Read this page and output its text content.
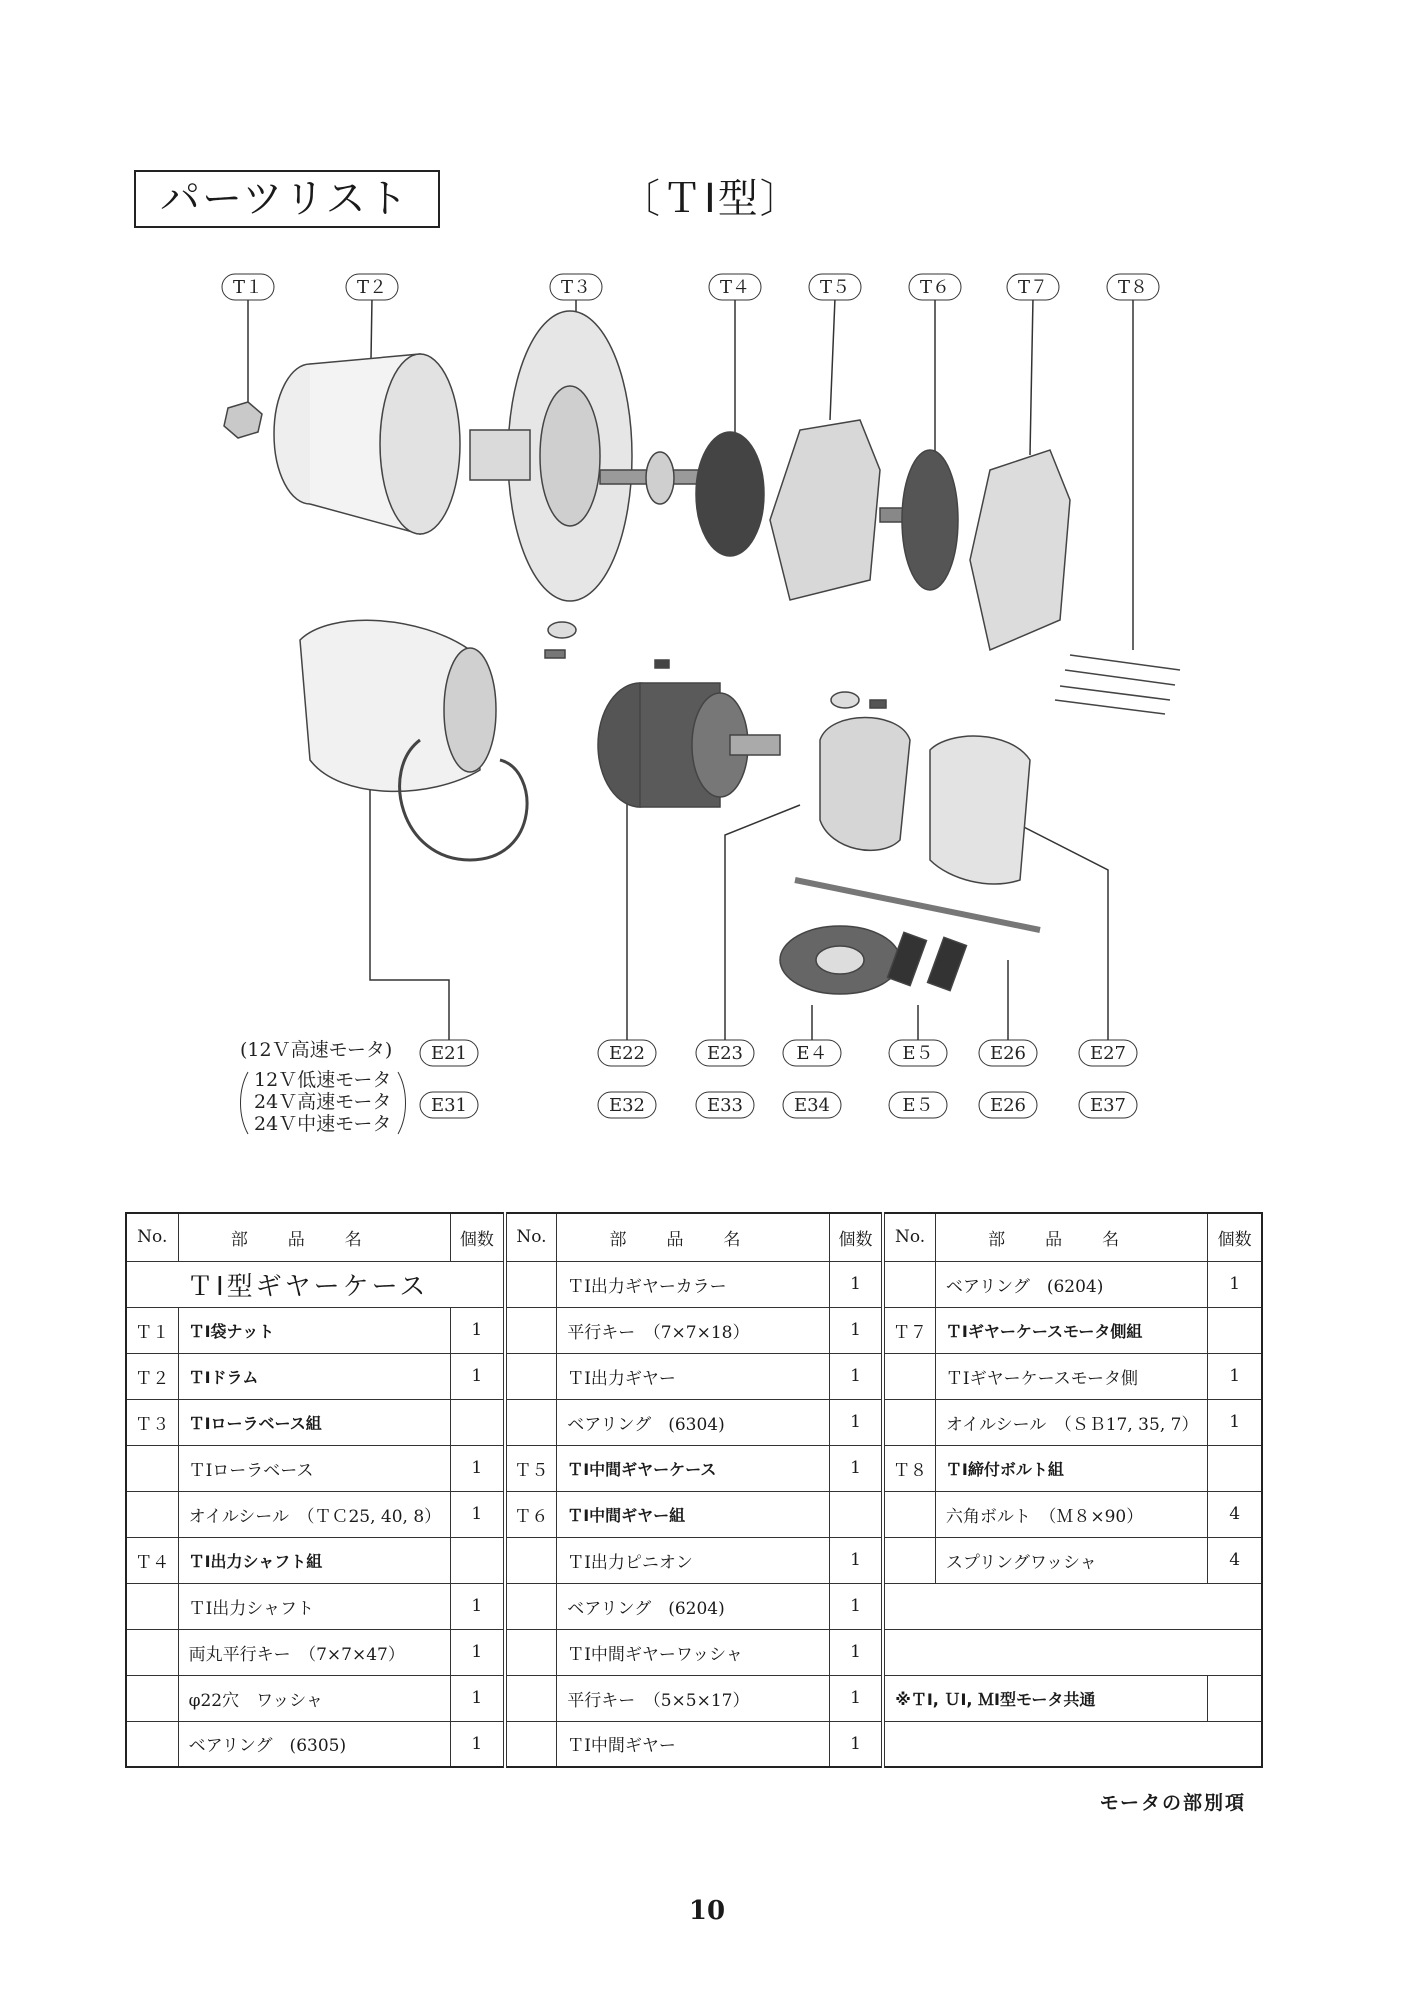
パーツリスト	〔ＴⅠ型〕
T１	T２	T３	T４	T５	T６	T７	T８
(12Ｖ高速モータ)
12Ｖ低速モータ
24Ｖ高速モータ
24Ｖ中速モータ
E21	E22	E23	E４	E５	E26	E27
E31	E32	E33	E34	E５	E26	E37
No.	部品名	個数	No.	部品名	個数	No.	部品名	個数
ＴⅠ型ギヤーケース				ＴⅠ出力ギヤーカラー	1		ベアリング　(6204)	1
Ｔ１	ＴⅠ袋ナット	1		平行キー　（7×7×18）	1	Ｔ７	ＴⅠギヤーケースモータ側組	
Ｔ２	ＴⅠドラム	1		ＴⅠ出力ギヤー	1		ＴⅠギヤーケースモータ側	1
Ｔ３	ＴⅠローラベース組			ベアリング　(6304)	1		オイルシール　（ＳＢ17, 35, 7）	1
	ＴⅠローラベース	1	Ｔ５	ＴⅠ中間ギヤーケース	1	Ｔ８	ＴⅠ締付ボルト組	
	オイルシール　（ＴＣ25, 40, 8）	1	Ｔ６	ＴⅠ中間ギヤー組			六角ボルト　（Ｍ８×90）	4
Ｔ４	ＴⅠ出力シャフト組			ＴⅠ出力ピニオン	1		スプリングワッシャ	4
	ＴⅠ出力シャフト	1		ベアリング　(6204)	1			
	両丸平行キー　（7×7×47）	1		ＴⅠ中間ギヤーワッシャ	1			
	φ22穴　ワッシャ	1		平行キー　（5×5×17）	1	※ＴⅠ, ＵⅠ, ＭⅠ型モータ共通		
	ベアリング　(6305)	1		ＴⅠ中間ギヤー	1			
モータの部別項
10
